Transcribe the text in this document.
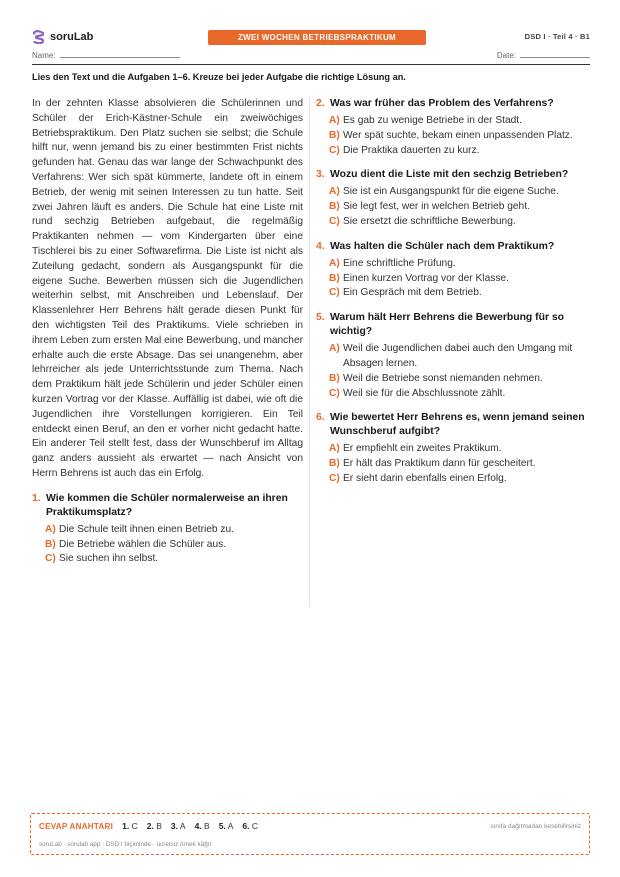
soruLab	ZWEI WOCHEN BETRIEBSPRAKTIKUM	DSD I · Teil 4 · B1
Name:	Date:
Lies den Text und die Aufgaben 1–6. Kreuze bei jeder Aufgabe die richtige Lösung an.

In der zehnten Klasse absolvieren die Schülerinnen und Schüler der Erich-Kästner-Schule ein zweiwöchiges Betriebspraktikum. Den Platz suchen sie selbst; die Schule hilft nur, wenn jemand bis zu einer bestimmten Frist nichts gefunden hat. Genau das war lange der Schwachpunkt des Verfahrens: Wer sich spät kümmerte, landete oft in einem Betrieb, der wenig mit seinen Interessen zu tun hatte. Seit zwei Jahren läuft es anders. Die Schule hat eine Liste mit rund sechzig Betrieben aufgebaut, die regelmäßig Praktikanten nehmen — vom Kindergarten über eine Tischlerei bis zu einer Softwarefirma. Die Liste ist nicht als Zuteilung gedacht, sondern als Ausgangspunkt für die eigene Suche. Bewerben müssen sich die Jugendlichen weiterhin selbst, mit Anschreiben und Lebenslauf. Der Klassenlehrer Herr Behrens hält gerade diesen Punkt für den wichtigsten Teil des Praktikums. Viele schrieben in ihrem Leben zum ersten Mal eine Bewerbung, und mancher erhalte auch die erste Absage. Das sei unangenehm, aber lehrreicher als jede Unterrichtsstunde zum Thema. Nach dem Praktikum hält jede Schülerin und jeder Schüler einen kurzen Vortrag vor der Klasse. Auffällig ist dabei, wie oft die Jugendlichen ihre Vorstellungen korrigieren. Ein Teil entdeckt einen Beruf, an den er vorher nicht gedacht hatte. Ein anderer Teil stellt fest, dass der Wunschberuf im Alltag ganz anders aussieht als erwartet — nach Ansicht von Herrn Behrens ist auch das ein Erfolg.

1. Wie kommen die Schüler normalerweise an ihren Praktikumsplatz?
A) Die Schule teilt ihnen einen Betrieb zu.
B) Die Betriebe wählen die Schüler aus.
C) Sie suchen ihn selbst.
2. Was war früher das Problem des Verfahrens?
A) Es gab zu wenige Betriebe in der Stadt.
B) Wer spät suchte, bekam einen unpassenden Platz.
C) Die Praktika dauerten zu kurz.
3. Wozu dient die Liste mit den sechzig Betrieben?
A) Sie ist ein Ausgangspunkt für die eigene Suche.
B) Sie legt fest, wer in welchen Betrieb geht.
C) Sie ersetzt die schriftliche Bewerbung.
4. Was halten die Schüler nach dem Praktikum?
A) Eine schriftliche Prüfung.
B) Einen kurzen Vortrag vor der Klasse.
C) Ein Gespräch mit dem Betrieb.
5. Warum hält Herr Behrens die Bewerbung für so wichtig?
A) Weil die Jugendlichen dabei auch den Umgang mit Absagen lernen.
B) Weil die Betriebe sonst niemanden nehmen.
C) Weil sie für die Abschlussnote zählt.
6. Wie bewertet Herr Behrens es, wenn jemand seinen Wunschberuf aufgibt?
A) Er empfiehlt ein zweites Praktikum.
B) Er hält das Praktikum dann für gescheitert.
C) Er sieht darin ebenfalls einen Erfolg.
CEVAP ANAHTARI 1. C 2. B 3. A 4. B 5. A 6. C	sınıfa dağıtmadan kesebilirsiniz
soruLab · sorulab app · DSD I biçiminde · ücretsiz örnek kâğıt
